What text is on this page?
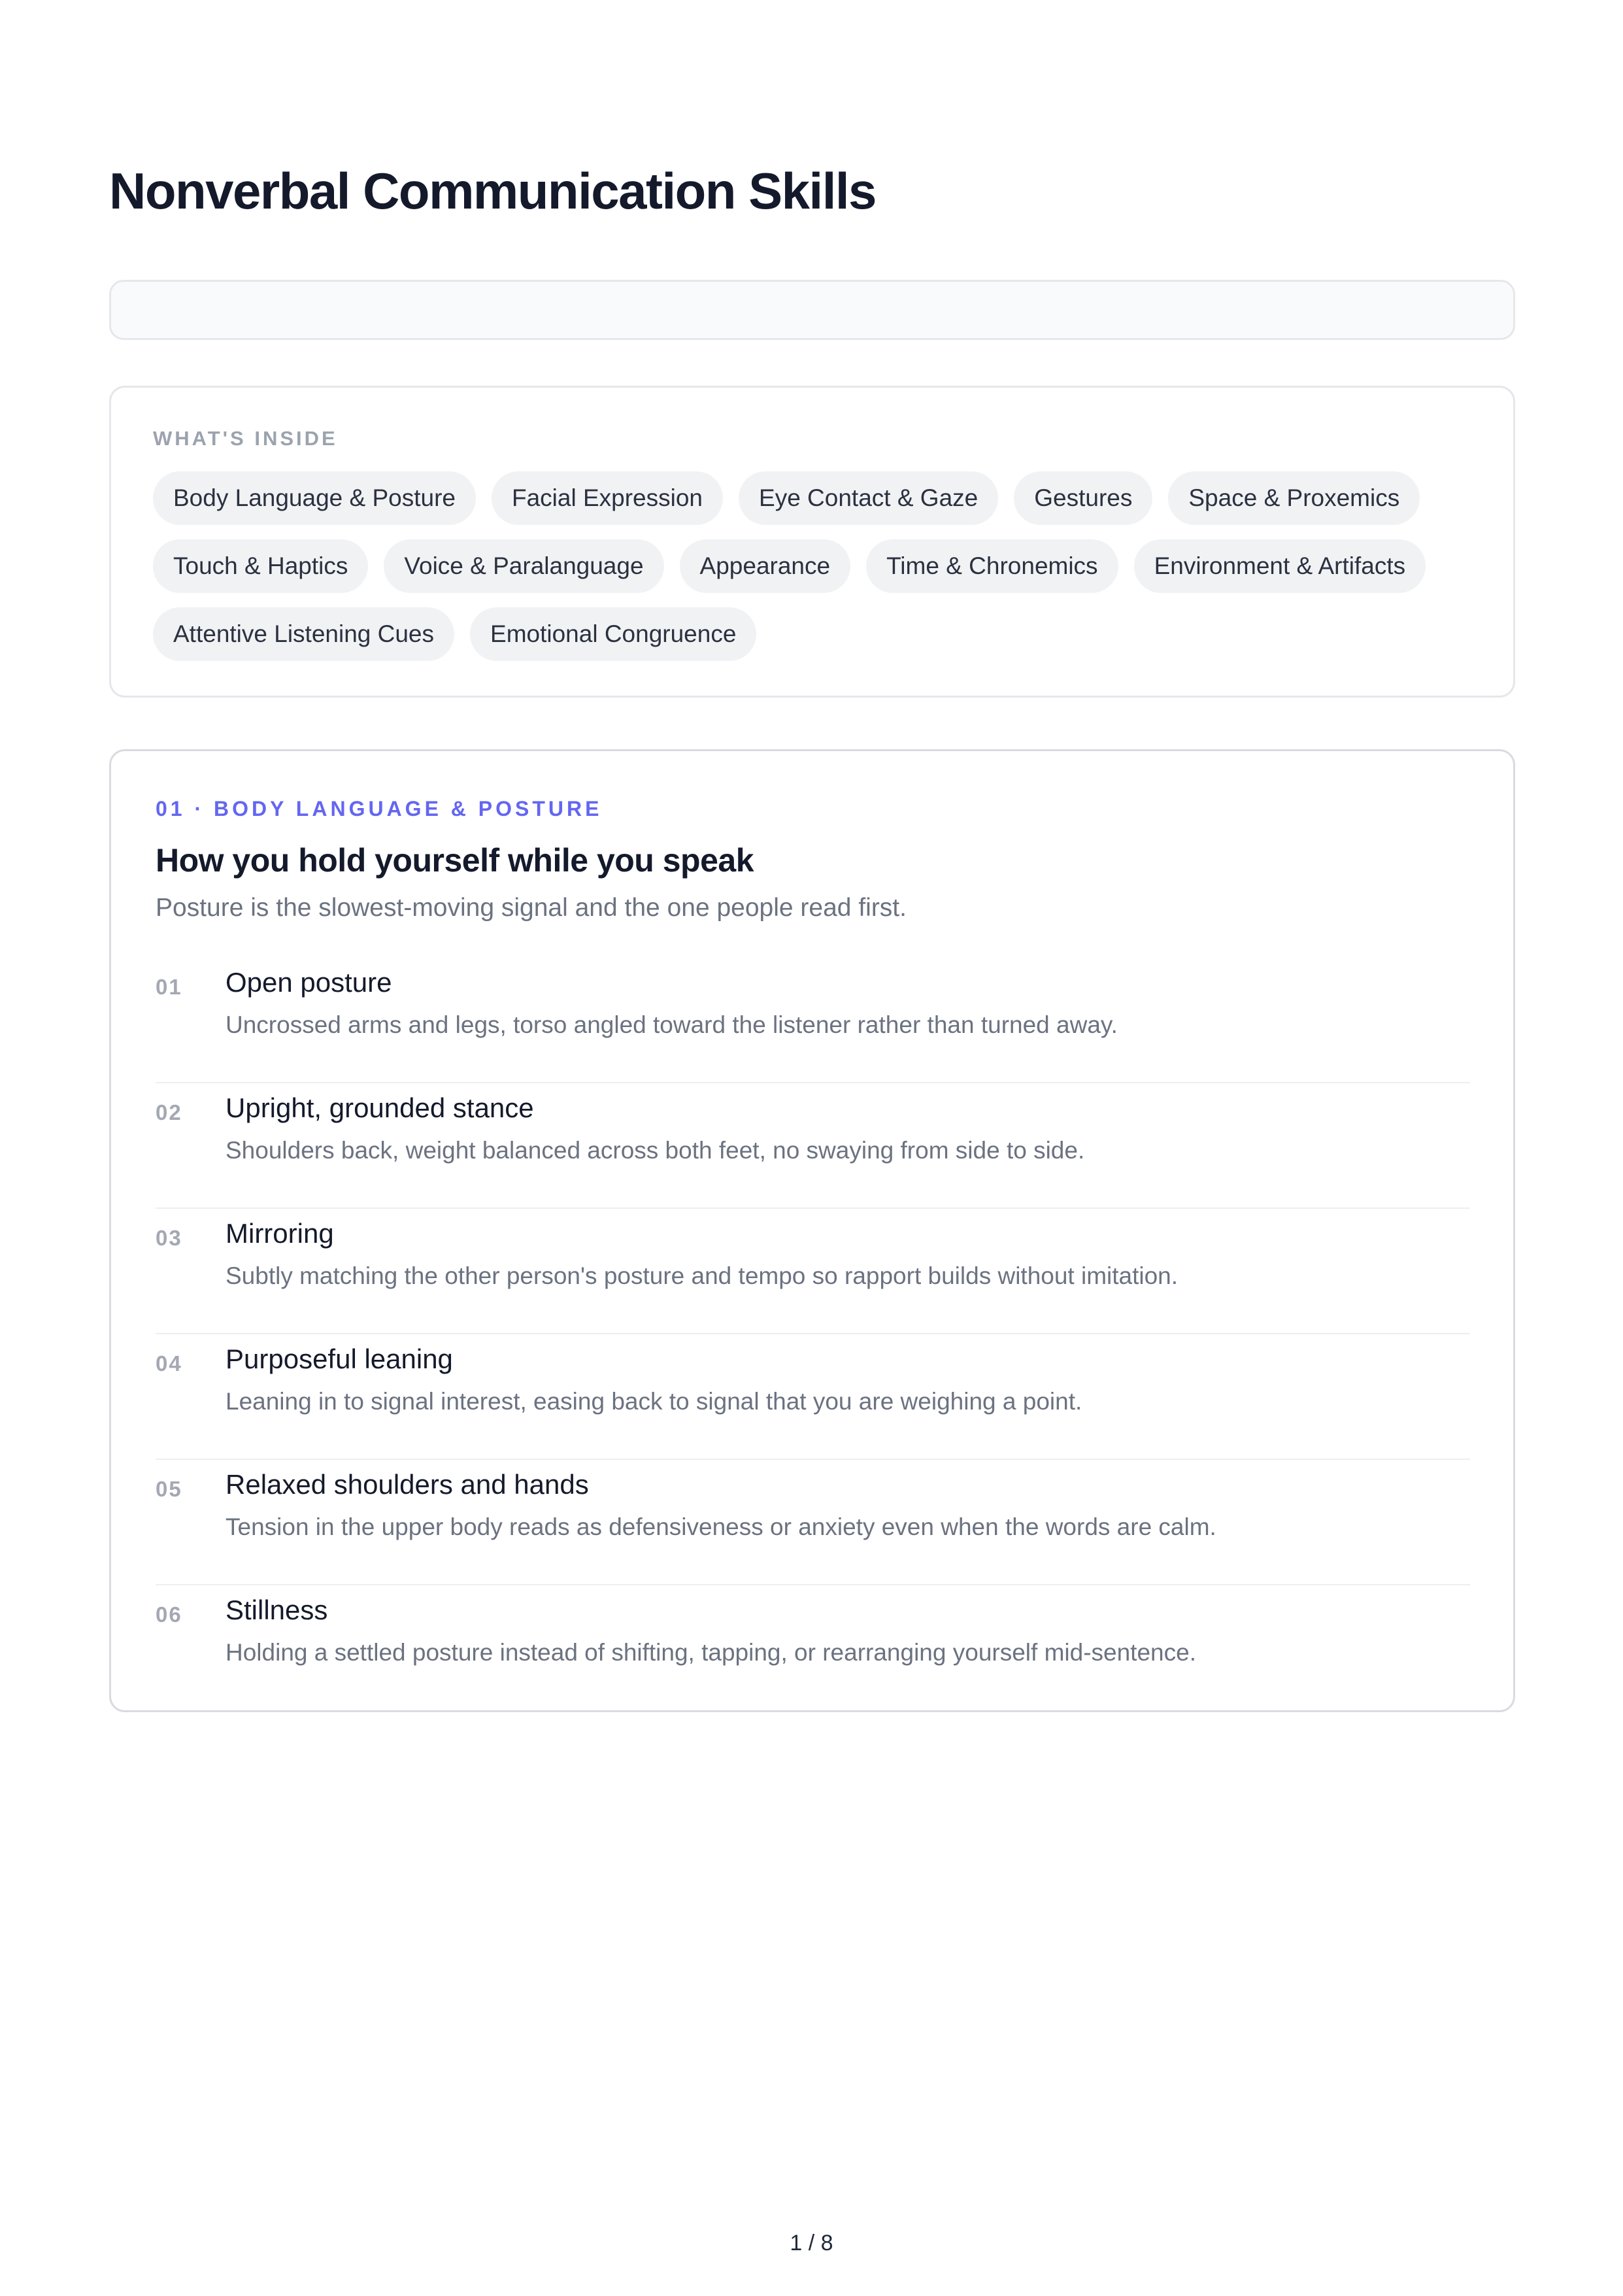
Nonverbal Communication Skills
WHAT'S INSIDE
Body Language & Posture	Facial Expression	Eye Contact & Gaze	Gestures	Space & Proxemics
Touch & Haptics	Voice & Paralanguage	Appearance	Time & Chronemics	Environment & Artifacts
Attentive Listening Cues	Emotional Congruence
01 · BODY LANGUAGE & POSTURE
How you hold yourself while you speak
Posture is the slowest-moving signal and the one people read first.
01 Open posture
Uncrossed arms and legs, torso angled toward the listener rather than turned away.
02 Upright, grounded stance
Shoulders back, weight balanced across both feet, no swaying from side to side.
03 Mirroring
Subtly matching the other person's posture and tempo so rapport builds without imitation.
04 Purposeful leaning
Leaning in to signal interest, easing back to signal that you are weighing a point.
05 Relaxed shoulders and hands
Tension in the upper body reads as defensiveness or anxiety even when the words are calm.
06 Stillness
Holding a settled posture instead of shifting, tapping, or rearranging yourself mid-sentence.
1 / 8
